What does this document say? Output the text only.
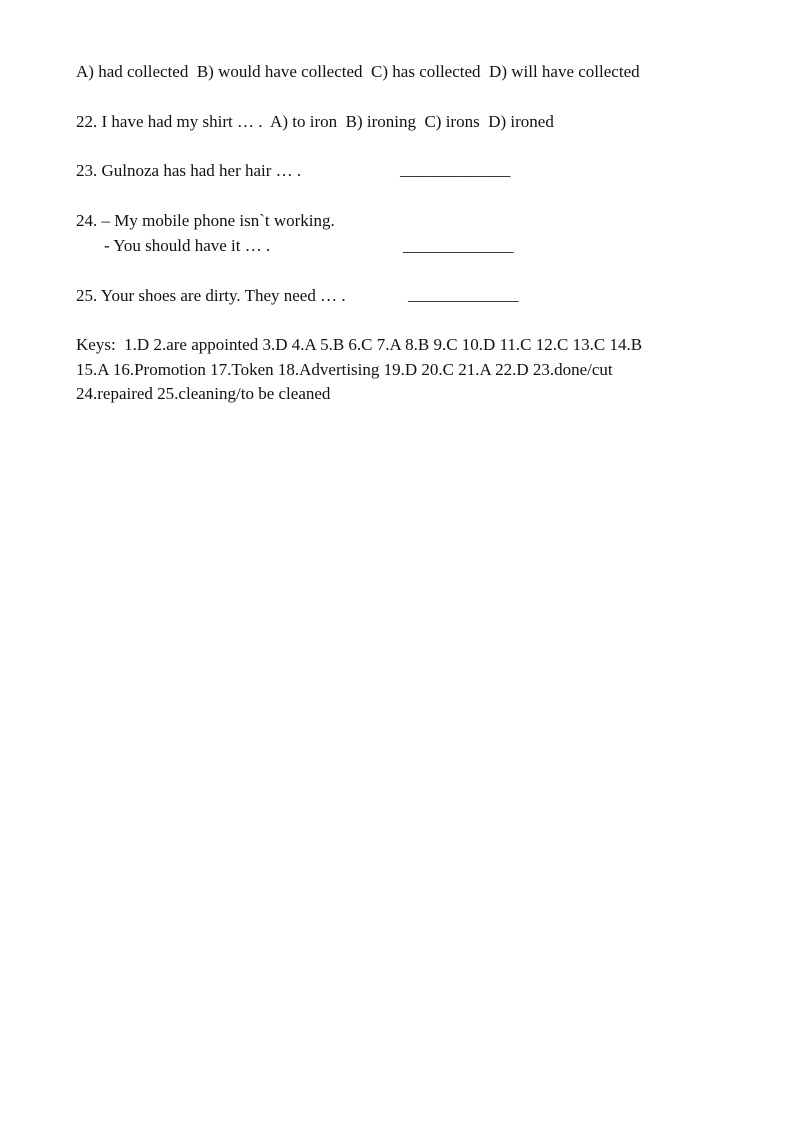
A) had collected  B) would have collected  C) has collected  D) will have collected
22. I have had my shirt … .  A) to iron  B) ironing  C) irons  D) ironed
23. Gulnoza has had her hair … .	_____________
24. – My mobile phone isn`t working.
- You should have it … .	_____________
25. Your shoes are dirty. They need … .	_____________
Keys:  1.D 2.are appointed 3.D 4.A 5.B 6.C 7.A 8.B 9.C 10.D 11.C 12.C 13.C 14.B
15.A 16.Promotion 17.Token 18.Advertising 19.D 20.C 21.A 22.D 23.done/cut
24.repaired 25.cleaning/to be cleaned
